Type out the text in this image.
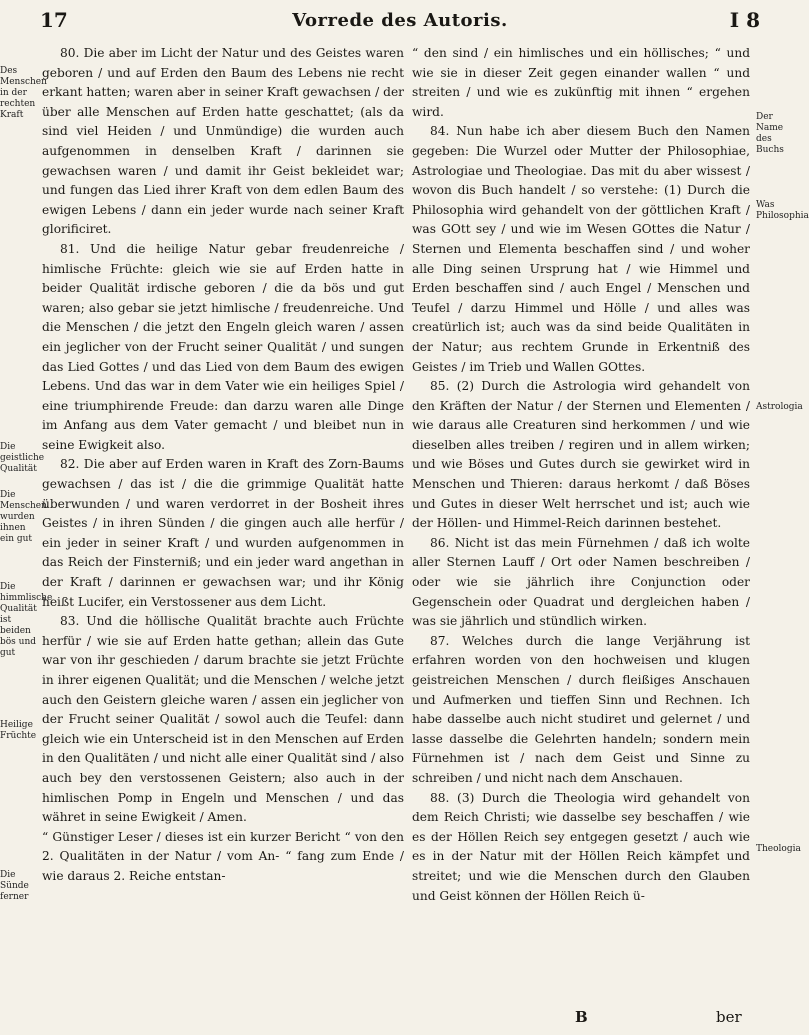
17	Vorrede des Autoris.	I 8
Des Menschen in der rechten Kraft
Die geistliche Qualität
Die himmlische Qualität ist beiden bös und gut
Die Menschen wurden ihnen ein gut
Die Sünde ferner
Heilige Früchte

80. Die aber im Licht der Natur und des Geistes waren geboren / und auf Erden den Baum des Lebens nie recht erkant hatten; waren aber in seiner Kraft gewachsen / der über alle Menschen auf Erden hatte geschattet; (als da sind viel Heiden / und Unmündige) die wurden auch aufgenommen in denselben Kraft / darinnen sie gewachsen waren / und damit ihr Geist bekleidet war; und fungen das Lied ihrer Kraft von dem edlen Baum des ewigen Lebens / dann ein jeder wurde nach seiner Kraft glorificiret.

81. Und die heilige Natur gebar freudenreiche / himlische Früchte: gleich wie sie auf Erden hatte in beider Qualität irdische geboren / die da bös und gut waren; also gebar sie jetzt himlische / freudenreiche. Und die Menschen / die jetzt den Engeln gleich waren / assen ein jeglicher von der Frucht seiner Qualität / und sungen das Lied Gottes / und das Lied von dem Baum des ewigen Lebens. Und das war in dem Vater wie ein heiliges Spiel / eine triumphirende Freude: dan darzu waren alle Dinge im Anfang aus dem Vater gemacht / und bleibet nun in seine Ewigkeit also.

82. Die aber auf Erden waren in Kraft des Zorn-Baums gewachsen / das ist / die die grimmige Qualität hatte überwunden / und waren verdorret in der Bosheit ihres Geistes / in ihren Sünden / die gingen auch alle herfür / ein jeder in seiner Kraft / und wurden aufgenommen in das Reich der Finsterniß; und ein jeder ward angethan in der Kraft / darinnen er gewachsen war; und ihr König heißt Lucifer, ein Verstossener aus dem Licht.

83. Und die höllische Qualität brachte auch Früchte herfür / wie sie auf Erden hatte gethan; allein das Gute war von ihr geschieden / darum brachte sie jetzt Früchte in ihrer eigenen Qualität; und die Menschen / welche jetzt auch den Geistern gleiche waren / assen ein jeglicher von der Frucht seiner Qualität / sowol auch die Teufel: dann gleich wie ein Unterscheid ist in den Menschen auf Erden in den Qualitäten / und nicht alle einer Qualität sind / also auch bey den verstossenen Geistern; also auch in der himlischen Pomp in Engeln und Menschen / und das währet in seine Ewigkeit / Amen.

“ Günstiger Leser / dieses ist ein kurzer Bericht “ von den 2. Qualitäten in der Natur / vom An- “ fang zum Ende / wie daraus 2. Reiche entstan-

“ den sind / ein himlisches und ein höllisches; “ und wie sie in dieser Zeit gegen einander wallen “ und streiten / und wie es zukünftig mit ihnen “ ergehen wird.

84. Nun habe ich aber diesem Buch den Namen gegeben: Die Wurzel oder Mutter der Philosophiae, Astrologiae und Theologiae. Das mit du aber wissest / wovon dis Buch handelt / so verstehe: (1) Durch die Philosophia wird gehandelt von der göttlichen Kraft / was GOtt sey / und wie im Wesen GOttes die Natur / Sternen und Elementa beschaffen sind / und woher alle Ding seinen Ursprung hat / wie Himmel und Erden beschaffen sind / auch Engel / Menschen und Teufel / darzu Himmel und Hölle / und alles was creatürlich ist; auch was da sind beide Qualitäten in der Natur; aus rechtem Grunde in Erkentniß des Geistes / im Trieb und Wallen GOttes.

85. (2) Durch die Astrologia wird gehandelt von den Kräften der Natur / der Sternen und Elementen / wie daraus alle Creaturen sind herkommen / und wie dieselben alles treiben / regiren und in allem wirken; und wie Böses und Gutes durch sie gewirket wird in Menschen und Thieren: daraus herkomt / daß Böses und Gutes in dieser Welt herrschet und ist; auch wie der Höllen- und Himmel-Reich darinnen bestehet.

86. Nicht ist das mein Fürnehmen / daß ich wolte aller Sternen Lauff / Ort oder Namen beschreiben / oder wie sie jährlich ihre Conjunction oder Gegenschein oder Quadrat und dergleichen haben / was sie jährlich und stündlich wirken.

87. Welches durch die lange Verjährung ist erfahren worden von den hochweisen und klugen geistreichen Menschen / durch fleißiges Anschauen und Aufmerken und tieffen Sinn und Rechnen. Ich habe dasselbe auch nicht studiret und gelernet / und lasse dasselbe die Gelehrten handeln; sondern mein Fürnehmen ist / nach dem Geist und Sinne zu schreiben / und nicht nach dem Anschauen.

88. (3) Durch die Theologia wird gehandelt von dem Reich Christi; wie dasselbe sey beschaffen / wie es der Höllen Reich sey entgegen gesetzt / auch wie es in der Natur mit der Höllen Reich kämpfet und streitet; und wie die Menschen durch den Glauben und Geist können der Höllen Reich ü-

Der Name des Buchs
Was Philosophia
Astrologia
Theologia
B	ber
